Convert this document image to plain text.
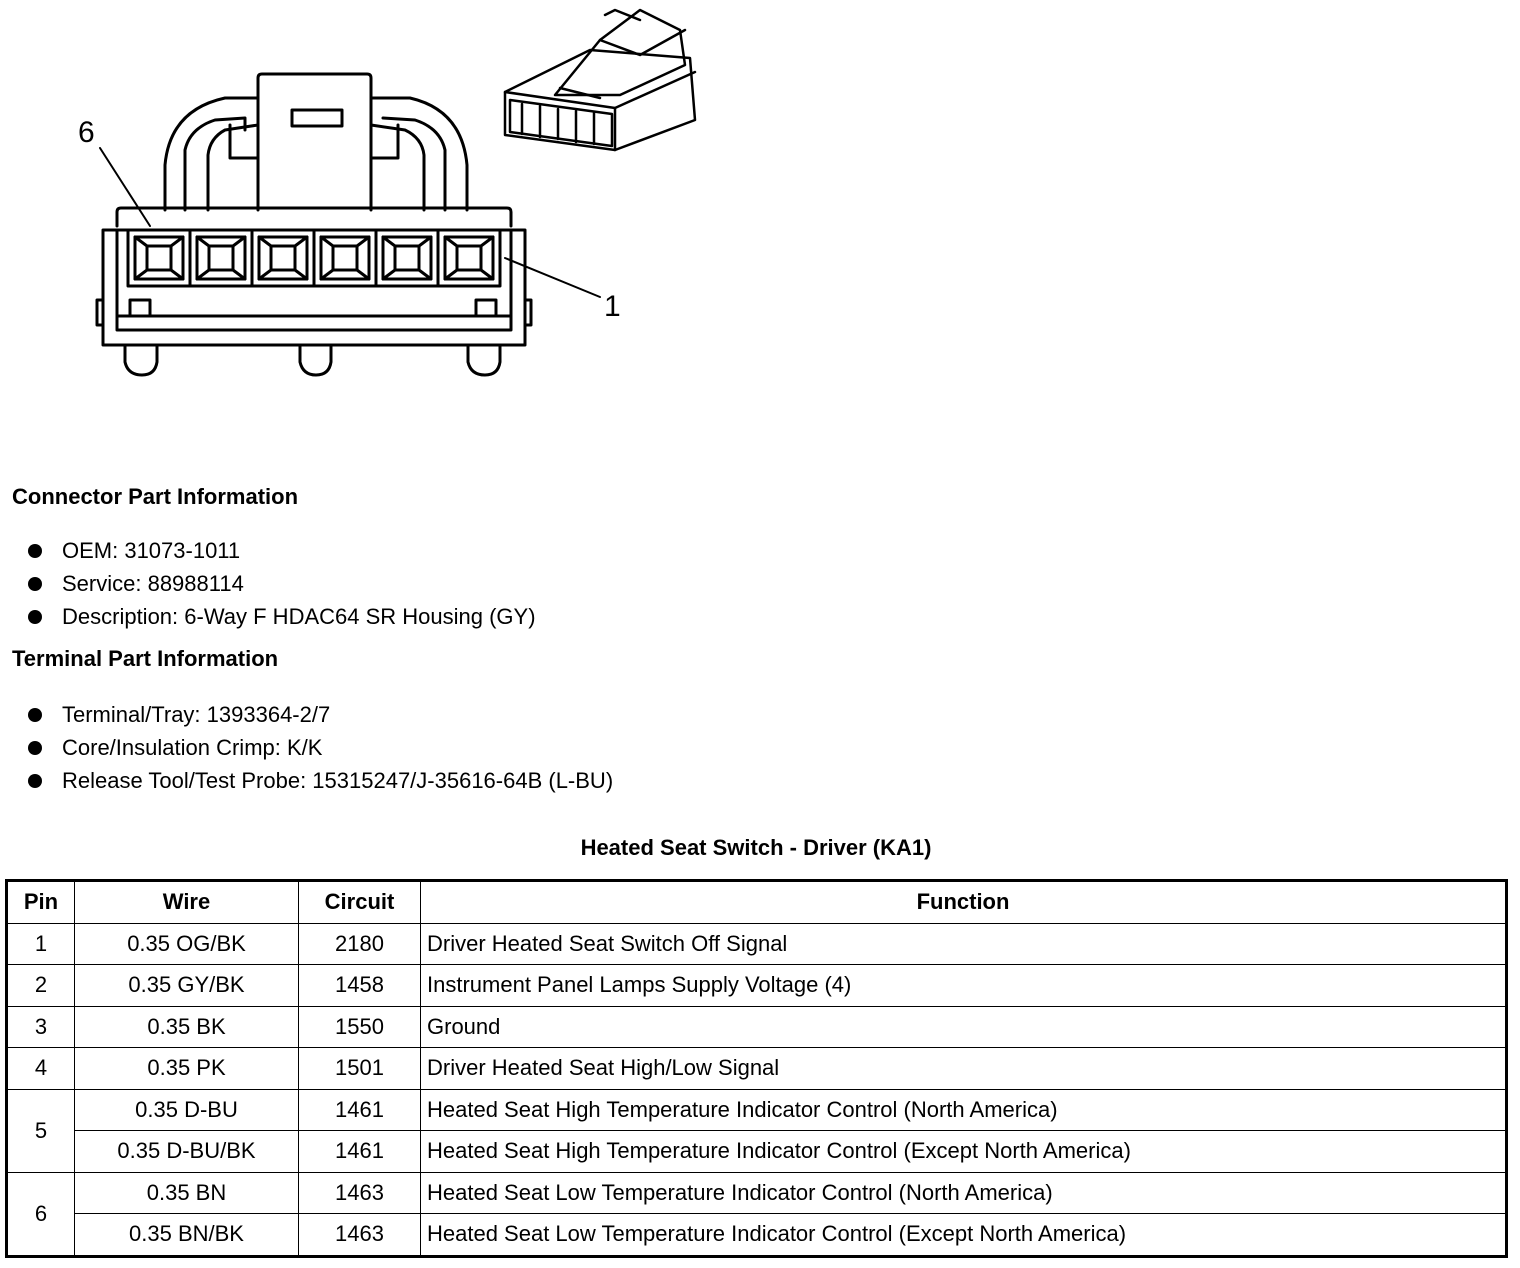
6
1
Connector Part Information
OEM: 31073-1011
Service: 88988114
Description: 6-Way F HDAC64 SR Housing (GY)
Terminal Part Information
Terminal/Tray: 1393364-2/7
Core/Insulation Crimp: K/K
Release Tool/Test Probe: 15315247/J-35616-64B (L-BU)
Heated Seat Switch - Driver (KA1)
Pin	Wire	Circuit	Function
1	0.35 OG/BK	2180	Driver Heated Seat Switch Off Signal
2	0.35 GY/BK	1458	Instrument Panel Lamps Supply Voltage (4)
3	0.35 BK	1550	Ground
4	0.35 PK	1501	Driver Heated Seat High/Low Signal
5	0.35 D-BU	1461	Heated Seat High Temperature Indicator Control (North America)
	0.35 D-BU/BK	1461	Heated Seat High Temperature Indicator Control (Except North America)
6	0.35 BN	1463	Heated Seat Low Temperature Indicator Control (North America)
	0.35 BN/BK	1463	Heated Seat Low Temperature Indicator Control (Except North America)
